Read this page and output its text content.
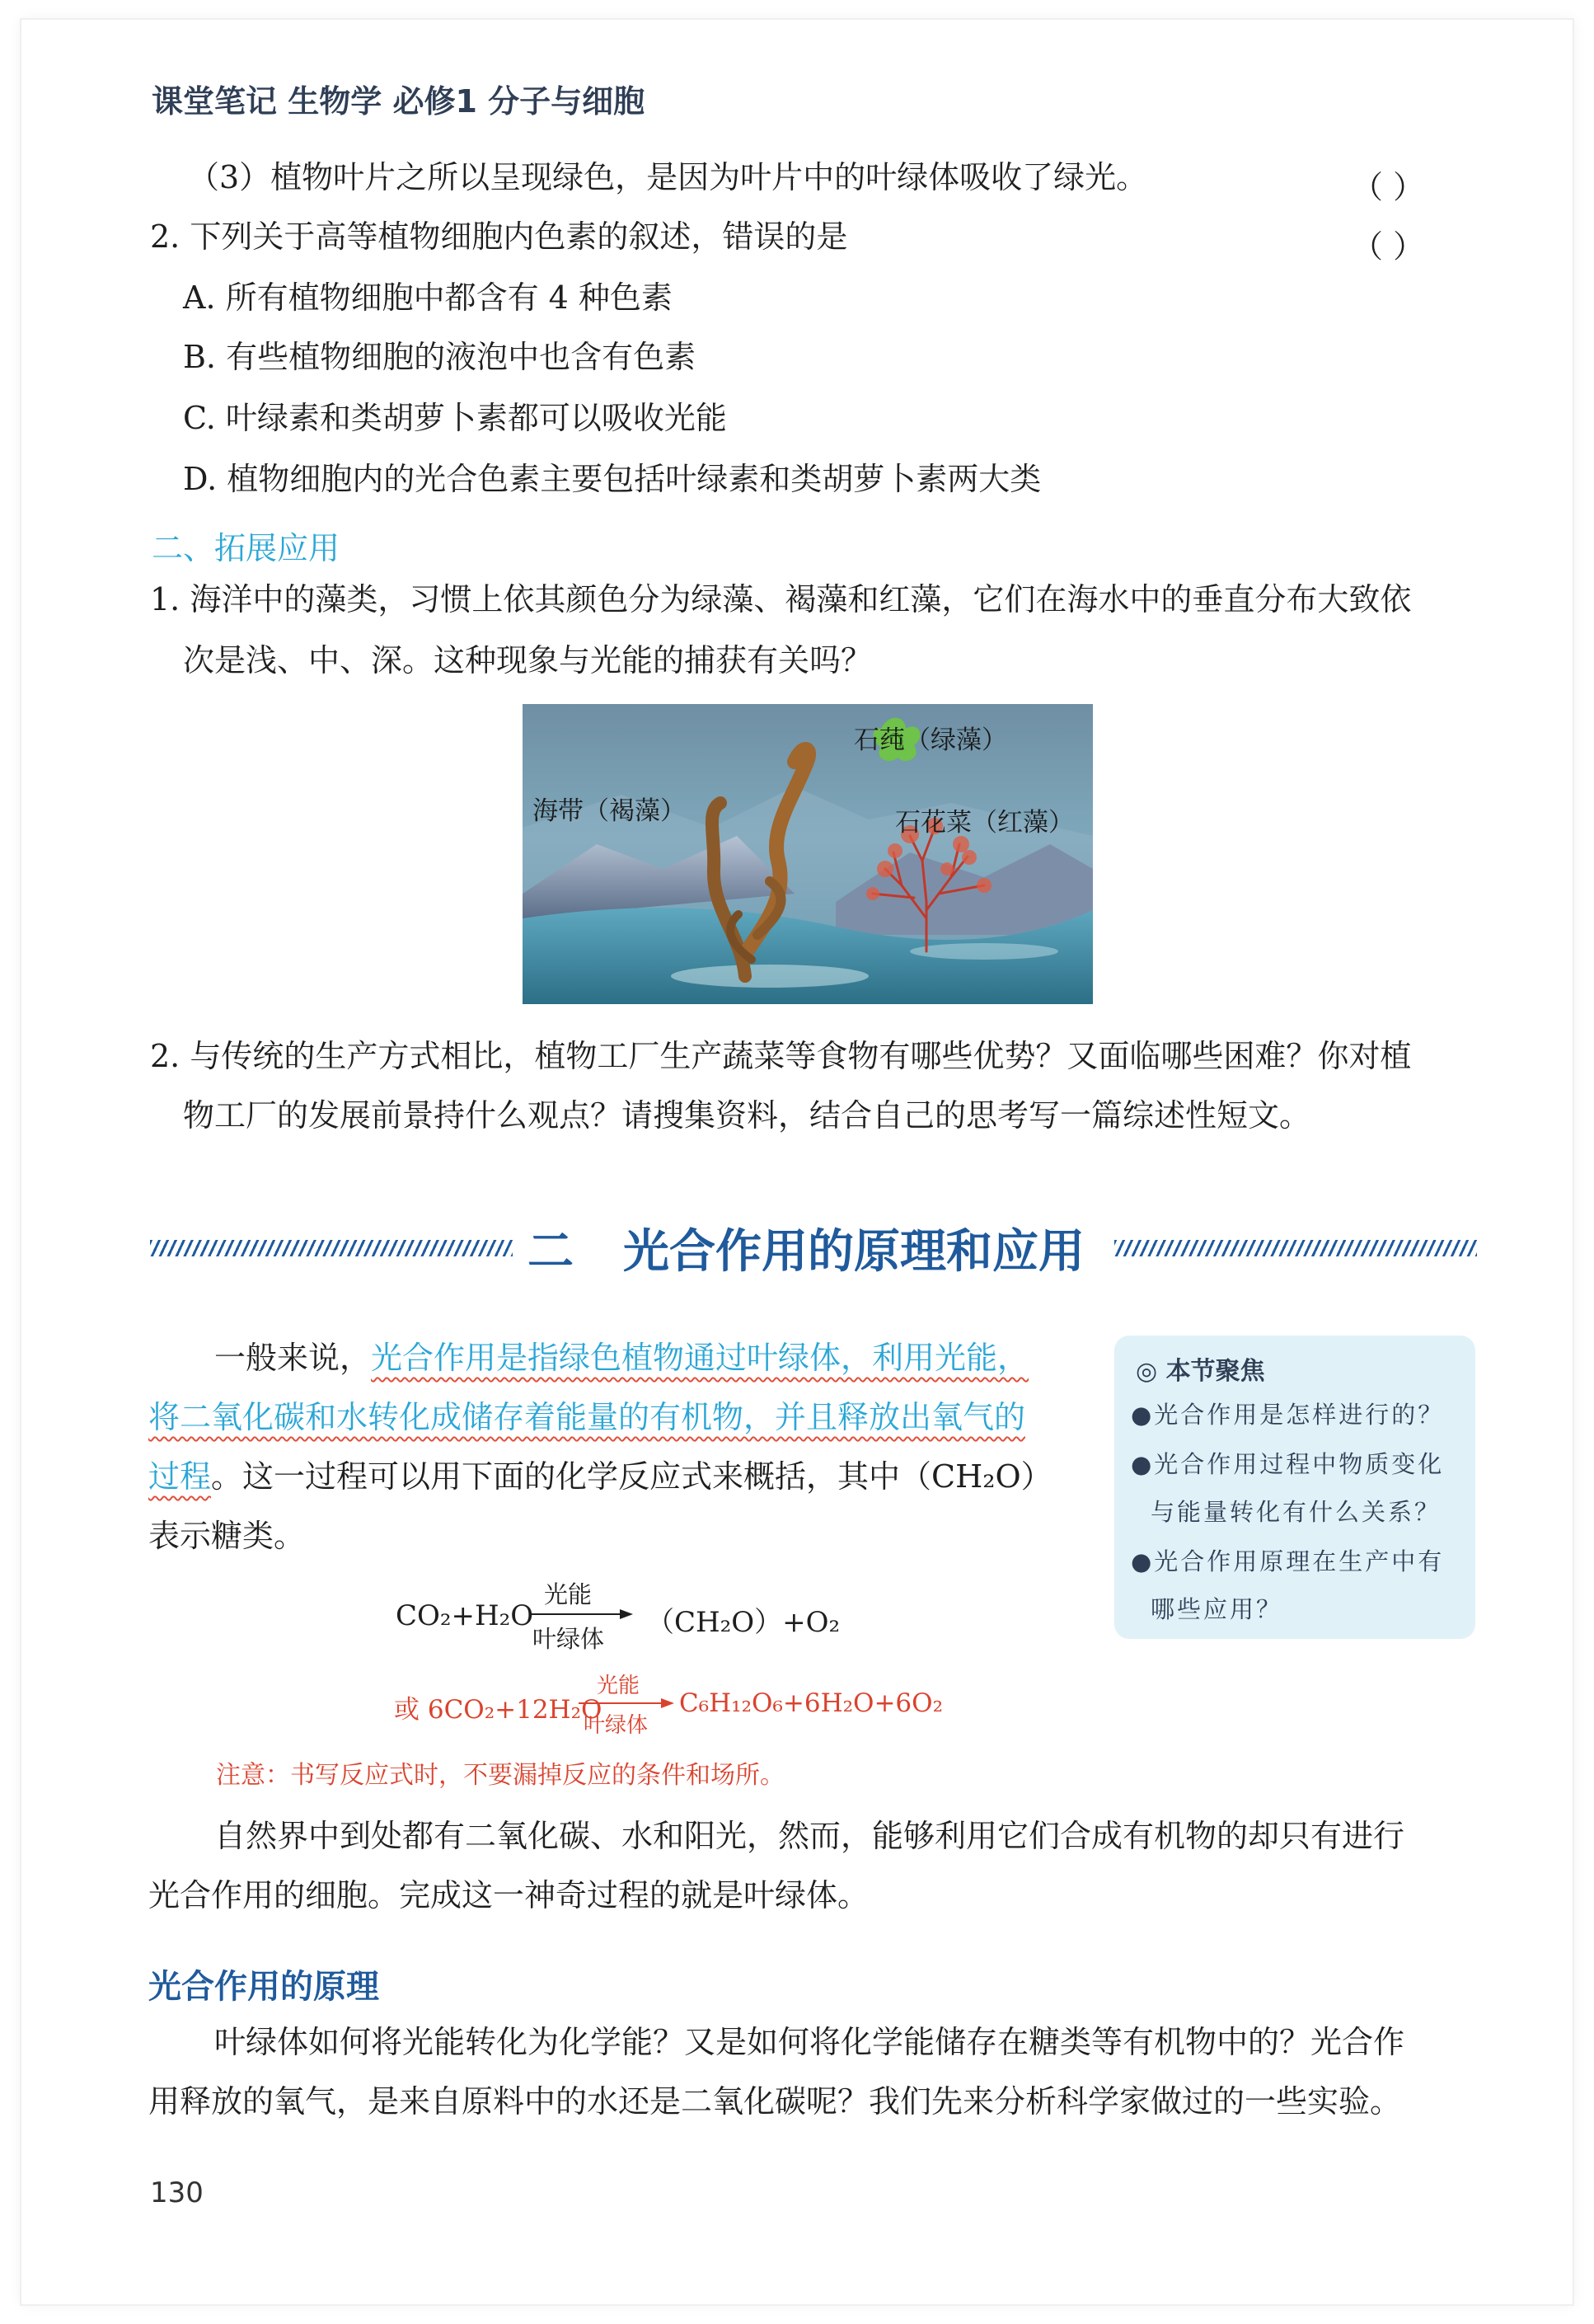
课堂笔记 生物学 必修1 分子与细胞
（3）植物叶片之所以呈现绿色，是因为叶片中的叶绿体吸收了绿光。	（ ）
2. 下列关于高等植物细胞内色素的叙述，错误的是	（ ）
A. 所有植物细胞中都含有 4 种色素
B. 有些植物细胞的液泡中也含有色素
C. 叶绿素和类胡萝卜素都可以吸收光能
D. 植物细胞内的光合色素主要包括叶绿素和类胡萝卜素两大类
二、拓展应用
1. 海洋中的藻类，习惯上依其颜色分为绿藻、褐藻和红藻，它们在海水中的垂直分布大致依
次是浅、中、深。这种现象与光能的捕获有关吗？
石莼（绿藻）
海带（褐藻）	石花菜（红藻）
2. 与传统的生产方式相比，植物工厂生产蔬菜等食物有哪些优势？又面临哪些困难？你对植
物工厂的发展前景持什么观点？请搜集资料，结合自己的思考写一篇综述性短文。
二 光合作用的原理和应用
一般来说，光合作用是指绿色植物通过叶绿体，利用光能，
将二氧化碳和水转化成储存着能量的有机物，并且释放出氧气的
过程。这一过程可以用下面的化学反应式来概括，其中（CH₂O）
表示糖类。
◎ 本节聚焦
●光合作用是怎样进行的？
●光合作用过程中物质变化
与能量转化有什么关系？
●光合作用原理在生产中有
哪些应用？
CO₂+H₂O
光能
叶绿体 （CH₂O）+O₂
或 6CO₂+12H₂O
光能
叶绿体
C₆H₁₂O₆+6H₂O+6O₂
注意：书写反应式时，不要漏掉反应的条件和场所。
自然界中到处都有二氧化碳、水和阳光，然而，能够利用它们合成有机物的却只有进行
光合作用的细胞。完成这一神奇过程的就是叶绿体。
光合作用的原理
叶绿体如何将光能转化为化学能？又是如何将化学能储存在糖类等有机物中的？光合作
用释放的氧气，是来自原料中的水还是二氧化碳呢？我们先来分析科学家做过的一些实验。
130
